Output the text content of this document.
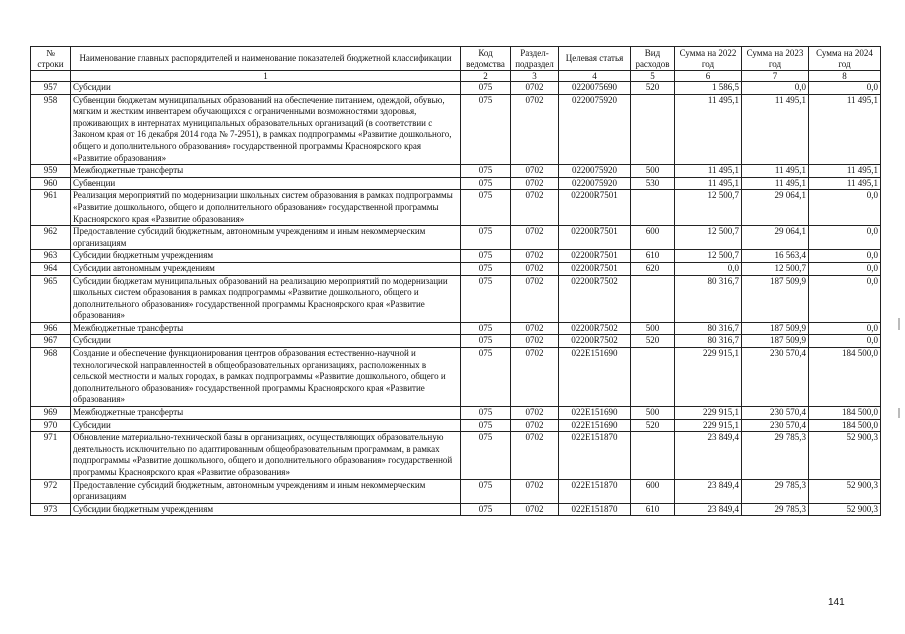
№ строки	Наименование главных распорядителей и наименование показателей бюджетной классификации	Код ведомства	Раздел-подраздел	Целевая статья	Вид расходов	Сумма на 2022 год	Сумма на 2023 год	Сумма на 2024 год
	1	2	3	4	5	6	7	8
957	Субсидии	075	0702	0220075690	520	1 586,5	0,0	0,0
958	Субвенции бюджетам муниципальных образований на обеспечение питанием, одеждой, обувью, мягким и жестким инвентарем обучающихся с ограниченными возможностями здоровья, проживающих в интернатах муниципальных образовательных организаций (в соответствии с Законом края от 16 декабря 2014 года № 7-2951), в рамках подпрограммы «Развитие дошкольного, общего и дополнительного образования» государственной программы Красноярского края «Развитие образования»	075	0702	0220075920		11 495,1	11 495,1	11 495,1
959	Межбюджетные трансферты	075	0702	0220075920	500	11 495,1	11 495,1	11 495,1
960	Субвенции	075	0702	0220075920	530	11 495,1	11 495,1	11 495,1
961	Реализация мероприятий по модернизации школьных систем образования в рамках подпрограммы «Развитие дошкольного, общего и дополнительного образования» государственной программы Красноярского края «Развитие образования»	075	0702	02200R7501		12 500,7	29 064,1	0,0
962	Предоставление субсидий бюджетным, автономным учреждениям и иным некоммерческим организациям	075	0702	02200R7501	600	12 500,7	29 064,1	0,0
963	Субсидии бюджетным учреждениям	075	0702	02200R7501	610	12 500,7	16 563,4	0,0
964	Субсидии автономным учреждениям	075	0702	02200R7501	620	0,0	12 500,7	0,0
965	Субсидии бюджетам муниципальных образований на реализацию мероприятий по модернизации школьных систем образования в рамках подпрограммы «Развитие дошкольного, общего и дополнительного образования» государственной программы Красноярского края «Развитие образования»	075	0702	02200R7502		80 316,7	187 509,9	0,0
966	Межбюджетные трансферты	075	0702	02200R7502	500	80 316,7	187 509,9	0,0
967	Субсидии	075	0702	02200R7502	520	80 316,7	187 509,9	0,0
968	Создание и обеспечение функционирования центров образования естественно-научной и технологической направленностей в общеобразовательных организациях, расположенных в сельской местности и малых городах, в рамках подпрограммы «Развитие дошкольного, общего и дополнительного образования» государственной программы Красноярского края «Развитие образования»	075	0702	022E151690		229 915,1	230 570,4	184 500,0
969	Межбюджетные трансферты	075	0702	022E151690	500	229 915,1	230 570,4	184 500,0
970	Субсидии	075	0702	022E151690	520	229 915,1	230 570,4	184 500,0
971	Обновление материально-технической базы в организациях, осуществляющих образовательную деятельность исключительно по адаптированным общеобразовательным программам, в рамках подпрограммы «Развитие дошкольного, общего и дополнительного образования» государственной программы Красноярского края «Развитие образования»	075	0702	022E151870		23 849,4	29 785,3	52 900,3
972	Предоставление субсидий бюджетным, автономным учреждениям и иным некоммерческим организациям	075	0702	022E151870	600	23 849,4	29 785,3	52 900,3
973	Субсидии бюджетным учреждениям	075	0702	022E151870	610	23 849,4	29 785,3	52 900,3
141
